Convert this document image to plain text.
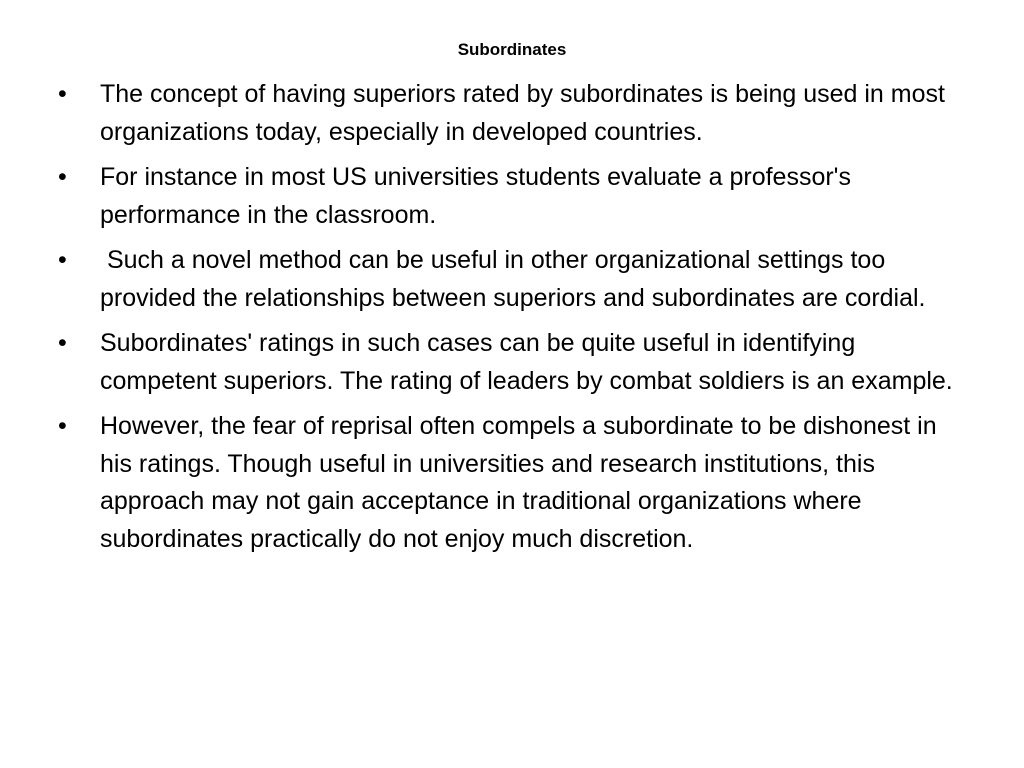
Subordinates
• The concept of having superiors rated by subordinates is being used in most organizations today, especially in developed countries.
• For instance in most US universities students evaluate a professor's performance in the classroom.
• Such a novel method can be useful in other organizational settings too provided the relationships between superiors and subordinates are cordial.
• Subordinates' ratings in such cases can be quite useful in identifying competent superiors. The rating of leaders by combat soldiers is an example.
• However, the fear of reprisal often compels a subordinate to be dishonest in his ratings. Though useful in universities and research institutions, this approach may not gain acceptance in traditional organizations where subordinates practically do not enjoy much discretion.
